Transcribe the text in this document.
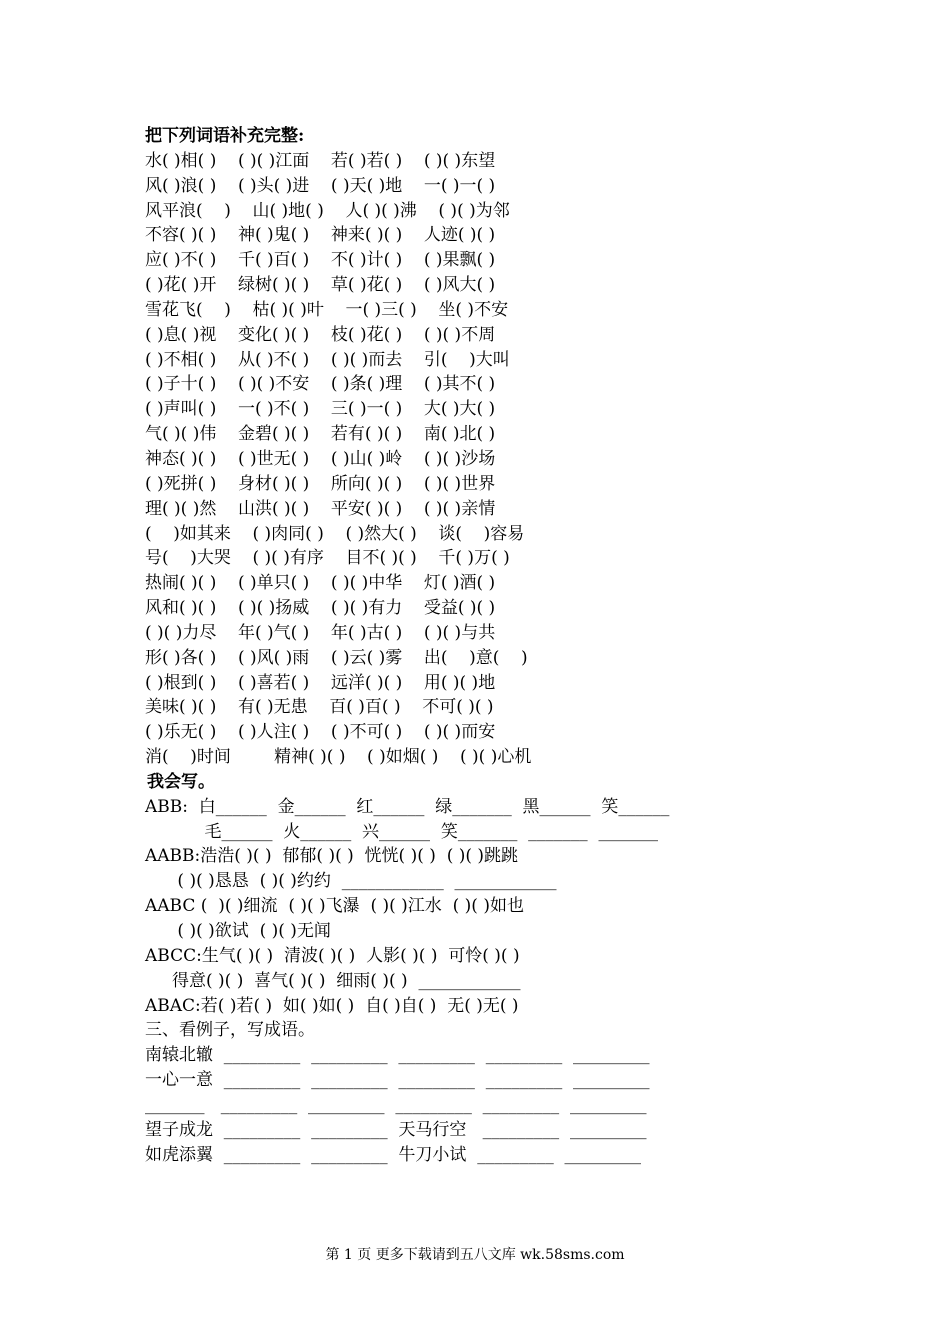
把下列词语补充完整:
水( )相( )    ( )( )江面    若( )若( )    ( )( )东望
风( )浪( )    ( )头( )进    ( )天( )地    一( )一( )
风平浪(    )    山( )地( )    人( )( )沸    ( )( )为邻
不容( )( )    神( )鬼( )    神来( )( )    人迹( )( )
应( )不( )    千( )百( )    不( )计( )    ( )果飘( )
( )花( )开    绿树( )( )    草( )花( )    ( )风大( )
雪花飞(    )    枯( )( )叶    一( )三( )    坐( )不安
( )息( )视    变化( )( )    枝( )花( )    ( )( )不周
( )不相( )    从( )不( )    ( )( )而去    引(    )大叫
( )子十( )    ( )( )不安    ( )条( )理    ( )其不( )
( )声叫( )    一( )不( )    三( )一( )    大( )大( )
气( )( )伟    金碧( )( )    若有( )( )    南( )北( )
神态( )( )    ( )世无( )    ( )山( )岭    ( )( )沙场
( )死拼( )    身材( )( )    所向( )( )    ( )( )世界
理( )( )然    山洪( )( )    平安( )( )    ( )( )亲情
(    )如其来    ( )肉同( )    ( )然大( )    谈(    )容易
号(    )大哭    ( )( )有序    目不( )( )    千( )万( )
热闹( )( )    ( )单只( )    ( )( )中华    灯( )酒( )
风和( )( )    ( )( )扬威    ( )( )有力    受益( )( )
( )( )力尽    年( )气( )    年( )古( )    ( )( )与共
形( )各( )    ( )风( )雨    ( )云( )雾    出(    )意(    )
( )根到( )    ( )喜若( )    远洋( )( )    用( )( )地
美味( )( )    有( )无患    百( )百( )    不可( )( )
( )乐无( )    ( )人注( )    ( )不可( )    ( )( )而安
消(    )时间        精神( )( )    ( )如烟( )    ( )( )心机
我会写。
ABB:  白______  金______  红______  绿_______  黑______  笑______
毛______  火______  兴______  笑_______  _______  _______
AABB:浩浩( )( )  郁郁( )( )  恍恍( )( )  ( )( )跳跳
( )( )恳恳  ( )( )约约  ____________  ____________
AABC (  )( )细流  ( )( )飞瀑  ( )( )江水  ( )( )如也
( )( )欲试  ( )( )无闻
ABCC:生气( )( )  清波( )( )  人影( )( )  可怜( )( )
得意( )( )  喜气( )( )  细雨( )( )  ____________
ABAC:若( )若( )  如( )如( )  自( )自( )  无( )无( )
三、看例子，写成语。
南辕北辙  _________  _________  _________  _________  _________
一心一意  _________  _________  _________  _________  _________
_______   _________  _________  _________  _________  _________
望子成龙  _________  _________  天马行空   _________  _________
如虎添翼  _________  _________  牛刀小试  _________  _________
第 1 页 更多下载请到五八文库 wk.58sms.com
